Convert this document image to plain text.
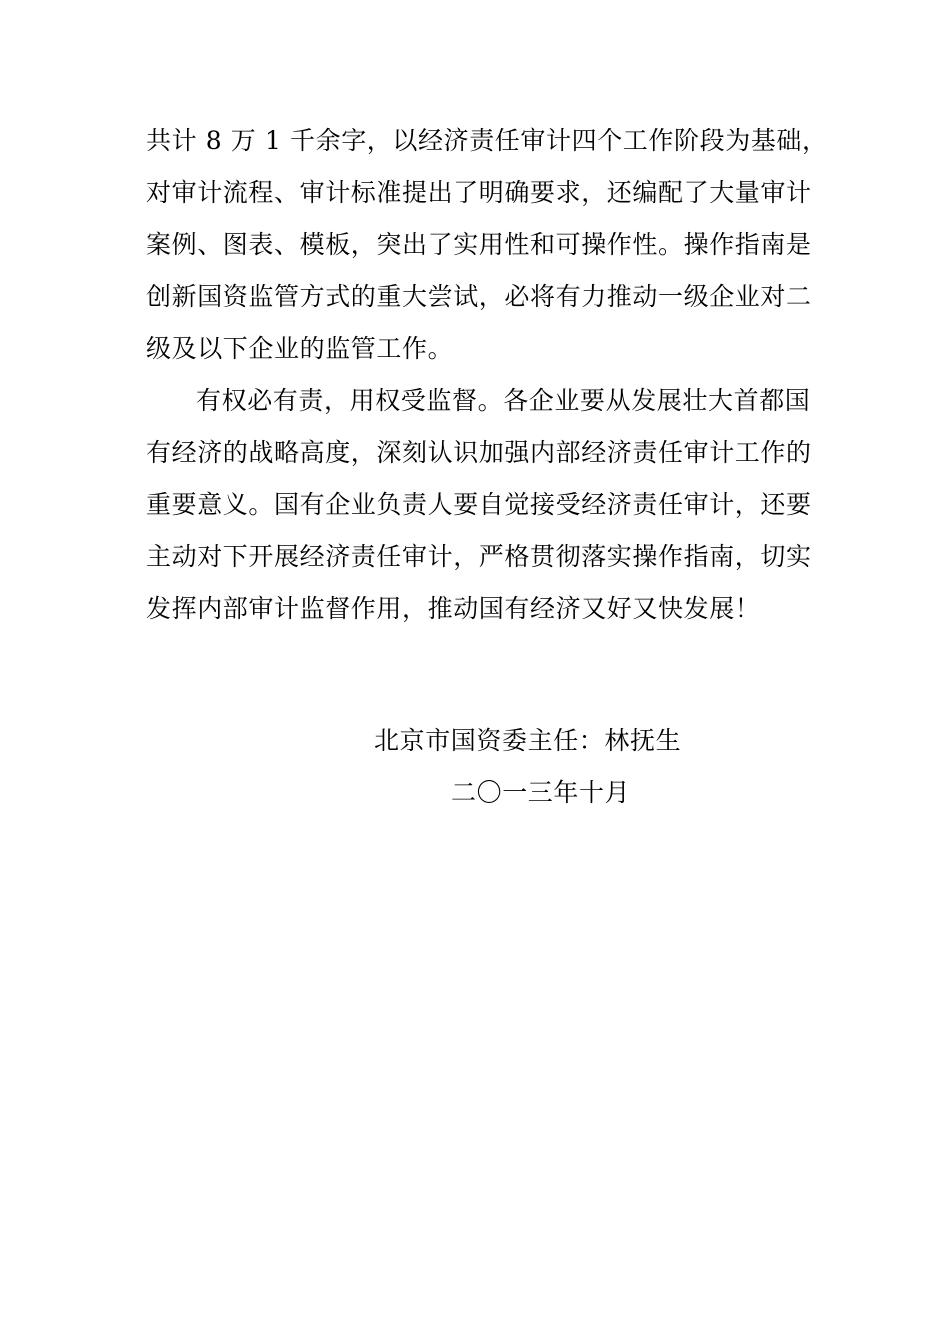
共计 8 万 1 千余字，以经济责任审计四个工作阶段为基础，
对审计流程、审计标准提出了明确要求，还编配了大量审计
案例、图表、模板，突出了实用性和可操作性。操作指南是
创新国资监管方式的重大尝试，必将有力推动一级企业对二
级及以下企业的监管工作。
有权必有责，用权受监督。各企业要从发展壮大首都国
有经济的战略高度，深刻认识加强内部经济责任审计工作的
重要意义。国有企业负责人要自觉接受经济责任审计，还要
主动对下开展经济责任审计，严格贯彻落实操作指南，切实
发挥内部审计监督作用，推动国有经济又好又快发展！
北京市国资委主任：林抚生
二〇一三年十月
